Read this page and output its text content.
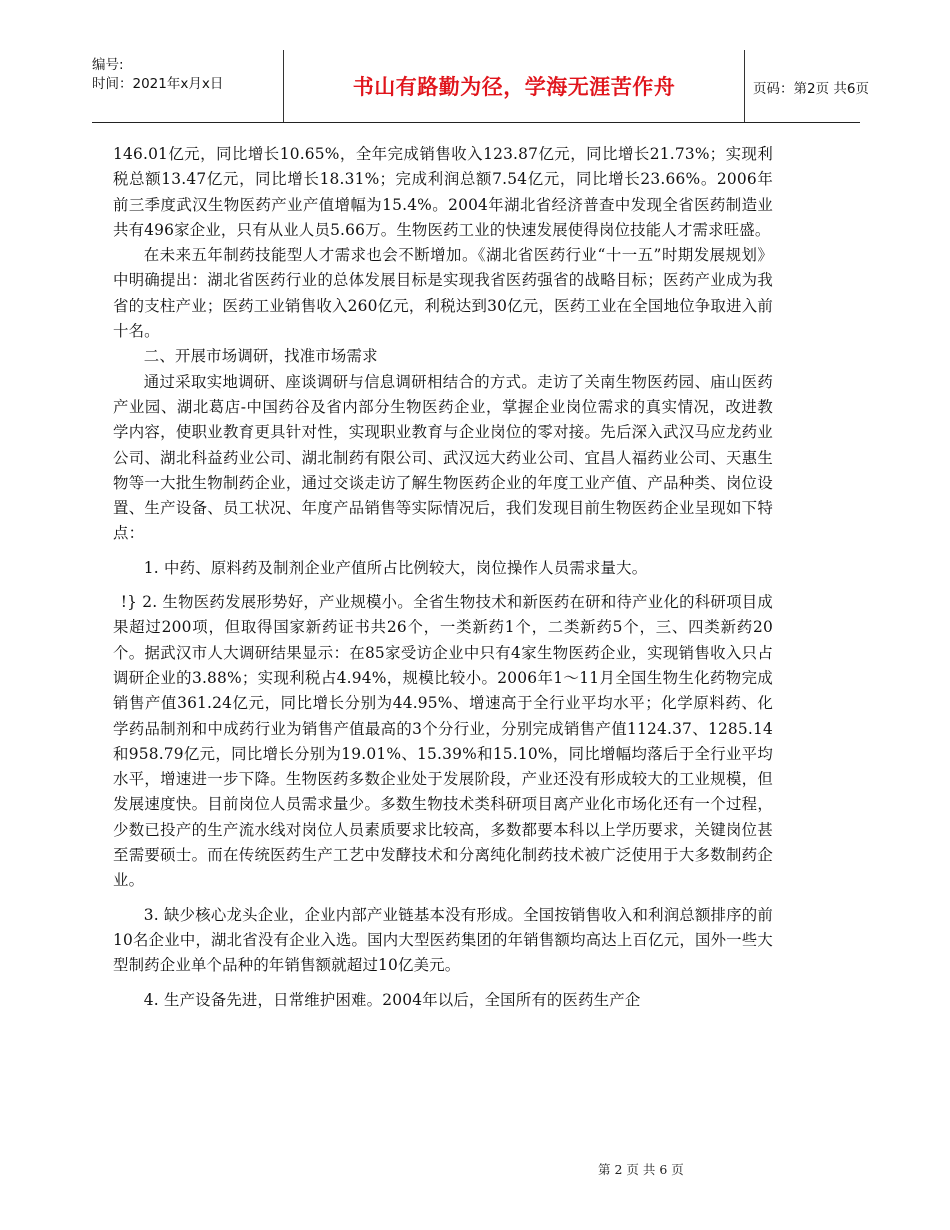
编号:
时间：2021年x月x日	书山有路勤为径，学海无涯苦作舟	页码：第2页 共6页

146.01亿元，同比增长10.65%，全年完成销售收入123.87亿元，同比增长21.73%；实现利税总额13.47亿元，同比增长18.31%；完成利润总额7.54亿元，同比增长23.66%。2006年前三季度武汉生物医药产业产值增幅为15.4%。2004年湖北省经济普查中发现全省医药制造业共有496家企业，只有从业人员5.66万。生物医药工业的快速发展使得岗位技能人才需求旺盛。

在未来五年制药技能型人才需求也会不断增加。《湖北省医药行业“十一五”时期发展规划》中明确提出：湖北省医药行业的总体发展目标是实现我省医药强省的战略目标；医药产业成为我省的支柱产业；医药工业销售收入260亿元，利税达到30亿元，医药工业在全国地位争取进入前十名。

二、开展市场调研，找准市场需求

通过采取实地调研、座谈调研与信息调研相结合的方式。走访了关南生物医药园、庙山医药产业园、湖北葛店-中国药谷及省内部分生物医药企业，掌握企业岗位需求的真实情况，改进教学内容，使职业教育更具针对性，实现职业教育与企业岗位的零对接。先后深入武汉马应龙药业公司、湖北科益药业公司、湖北制药有限公司、武汉远大药业公司、宜昌人福药业公司、天惠生物等一大批生物制药企业，通过交谈走访了解生物医药企业的年度工业产值、产品种类、岗位设置、生产设备、员工状况、年度产品销售等实际情况后，我们发现目前生物医药企业呈现如下特点：

1. 中药、原料药及制剂企业产值所占比例较大，岗位操作人员需求量大。

!} 2. 生物医药发展形势好，产业规模小。全省生物技术和新医药在研和待产业化的科研项目成果超过200项，但取得国家新药证书共26个，一类新药1个，二类新药5个，三、四类新药20个。据武汉市人大调研结果显示：在85家受访企业中只有4家生物医药企业，实现销售收入只占调研企业的3.88%；实现利税占4.94%，规模比较小。2006年1～11月全国生物生化药物完成销售产值361.24亿元，同比增长分别为44.95%、增速高于全行业平均水平；化学原料药、化学药品制剂和中成药行业为销售产值最高的3个分行业，分别完成销售产值1124.37、1285.14和958.79亿元，同比增长分别为19.01%、15.39%和15.10%，同比增幅均落后于全行业平均水平，增速进一步下降。生物医药多数企业处于发展阶段，产业还没有形成较大的工业规模，但发展速度快。目前岗位人员需求量少。多数生物技术类科研项目离产业化市场化还有一个过程，少数已投产的生产流水线对岗位人员素质要求比较高，多数都要本科以上学历要求，关键岗位甚至需要硕士。而在传统医药生产工艺中发酵技术和分离纯化制药技术被广泛使用于大多数制药企业。

3. 缺少核心龙头企业，企业内部产业链基本没有形成。全国按销售收入和利润总额排序的前10名企业中，湖北省没有企业入选。国内大型医药集团的年销售额均高达上百亿元，国外一些大型制药企业单个品种的年销售额就超过10亿美元。

4. 生产设备先进，日常维护困难。2004年以后，全国所有的医药生产企

第 2 页 共 6 页
